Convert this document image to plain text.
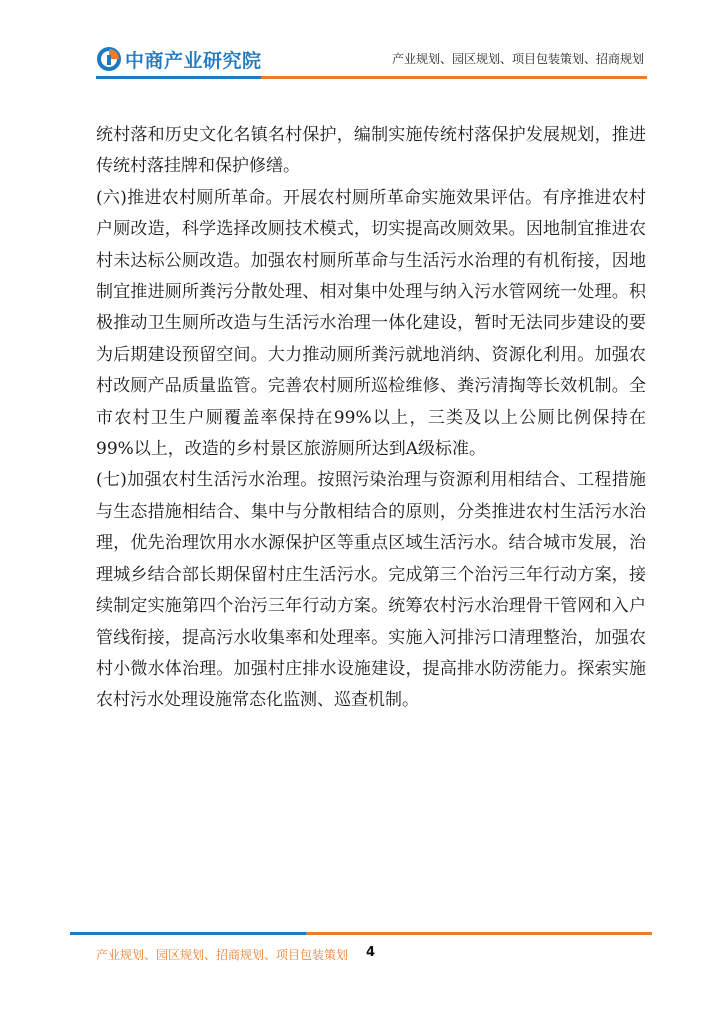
中商产业研究院	产业规划、园区规划、项目包装策划、招商规划

统村落和历史文化名镇名村保护，编制实施传统村落保护发展规划，推进传统村落挂牌和保护修缮。

(六)推进农村厕所革命。开展农村厕所革命实施效果评估。有序推进农村户厕改造，科学选择改厕技术模式，切实提高改厕效果。因地制宜推进农村未达标公厕改造。加强农村厕所革命与生活污水治理的有机衔接，因地制宜推进厕所粪污分散处理、相对集中处理与纳入污水管网统一处理。积极推动卫生厕所改造与生活污水治理一体化建设，暂时无法同步建设的要为后期建设预留空间。大力推动厕所粪污就地消纳、资源化利用。加强农村改厕产品质量监管。完善农村厕所巡检维修、粪污清掏等长效机制。全市农村卫生户厕覆盖率保持在99%以上，三类及以上公厕比例保持在99%以上，改造的乡村景区旅游厕所达到A级标准。

(七)加强农村生活污水治理。按照污染治理与资源利用相结合、工程措施与生态措施相结合、集中与分散相结合的原则，分类推进农村生活污水治理，优先治理饮用水水源保护区等重点区域生活污水。结合城市发展，治理城乡结合部长期保留村庄生活污水。完成第三个治污三年行动方案，接续制定实施第四个治污三年行动方案。统筹农村污水治理骨干管网和入户管线衔接，提高污水收集率和处理率。实施入河排污口清理整治，加强农村小微水体治理。加强村庄排水设施建设，提高排水防涝能力。探索实施农村污水处理设施常态化监测、巡查机制。

产业规划、园区规划、招商规划、项目包装策划 4
